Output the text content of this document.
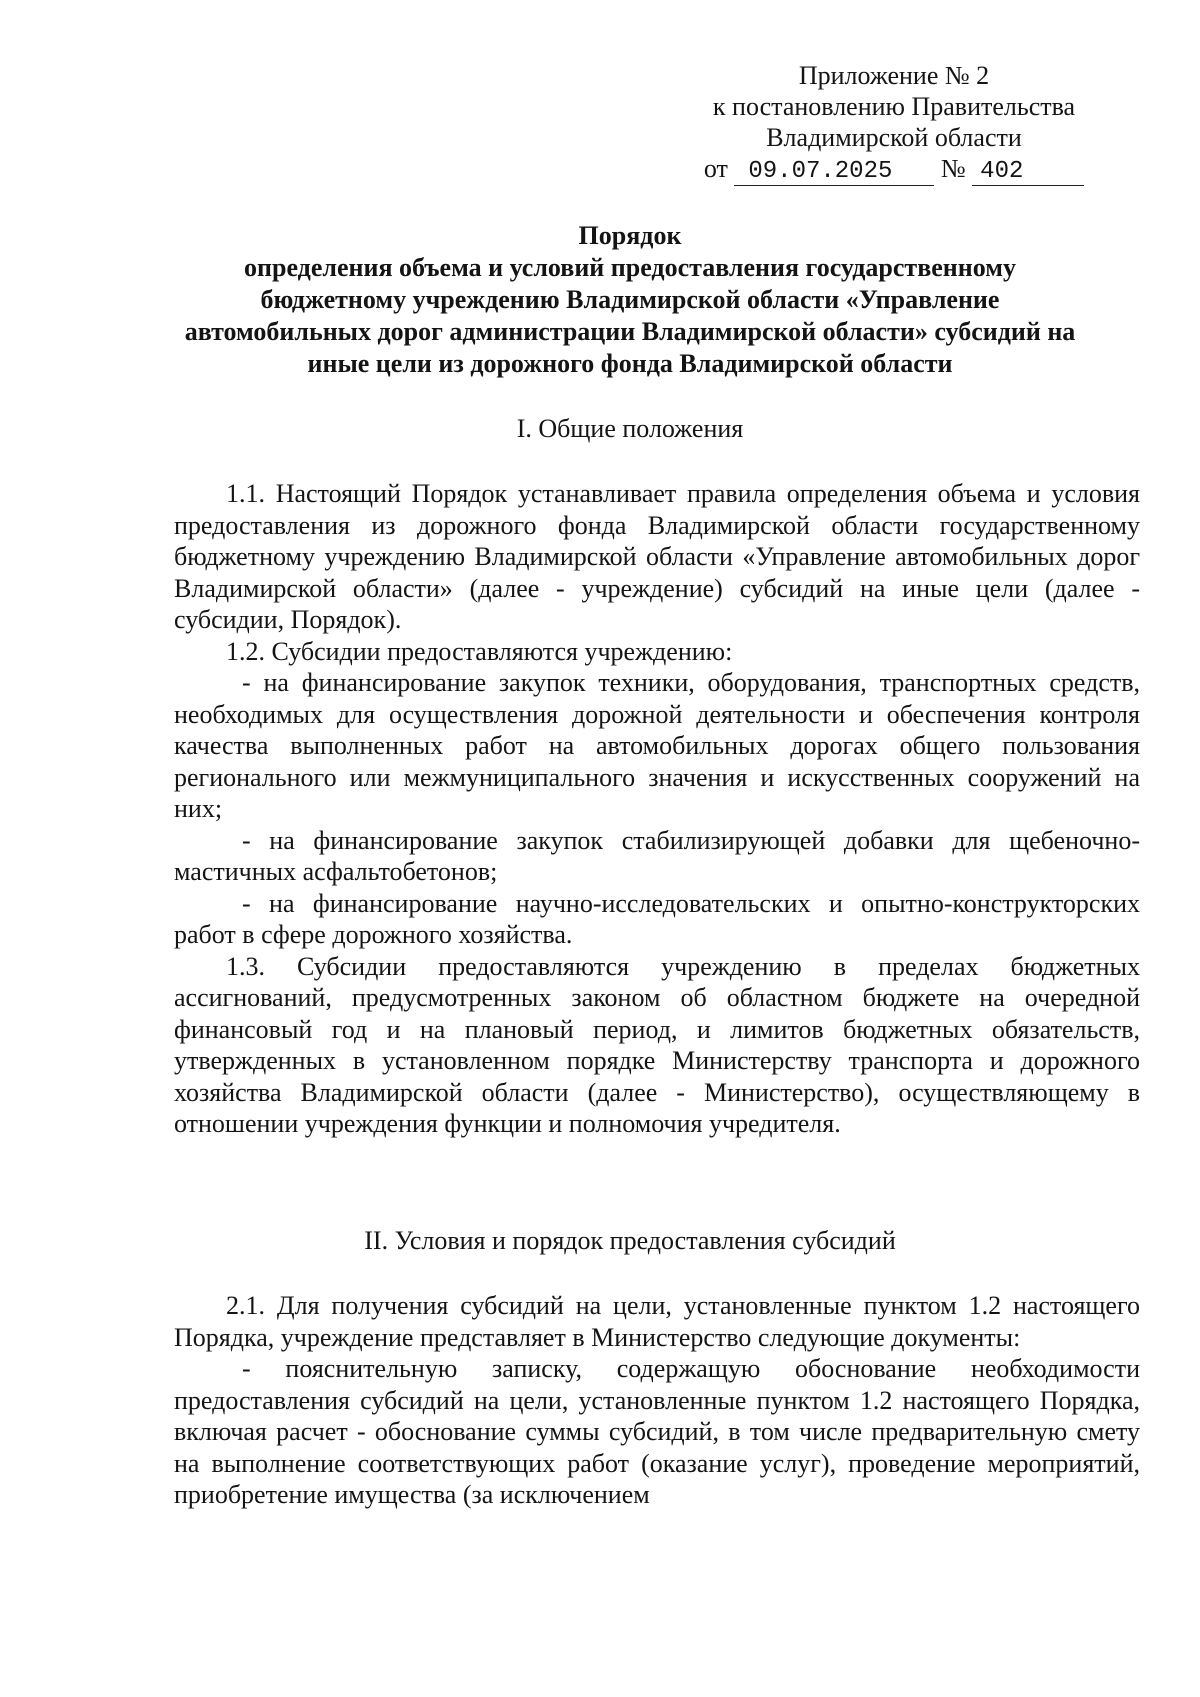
Приложение № 2
к постановлению Правительства
Владимирской области
от 09.07.2025 № 402
Порядок
определения объема и условий предоставления государственному
бюджетному учреждению Владимирской области «Управление
автомобильных дорог администрации Владимирской области» субсидий на
иные цели из дорожного фонда Владимирской области
I. Общие положения

1.1. Настоящий Порядок устанавливает правила определения объема и условия предоставления из дорожного фонда Владимирской области государственному бюджетному учреждению Владимирской области «Управление автомобильных дорог Владимирской области» (далее - учреждение) субсидий на иные цели (далее - субсидии, Порядок).

1.2. Субсидии предоставляются учреждению:

- на финансирование закупок техники, оборудования, транспортных средств, необходимых для осуществления дорожной деятельности и обеспечения контроля качества выполненных работ на автомобильных дорогах общего пользования регионального или межмуниципального значения и искусственных сооружений на них;

- на финансирование закупок стабилизирующей добавки для щебеночно-мастичных асфальтобетонов;

- на финансирование научно-исследовательских и опытно-конструкторских работ в сфере дорожного хозяйства.

1.3. Субсидии предоставляются учреждению в пределах бюджетных ассигнований, предусмотренных законом об областном бюджете на очередной финансовый год и на плановый период, и лимитов бюджетных обязательств, утвержденных в установленном порядке Министерству транспорта и дорожного хозяйства Владимирской области (далее - Министерство), осуществляющему в отношении учреждения функции и полномочия учредителя.

II. Условия и порядок предоставления субсидий

2.1. Для получения субсидий на цели, установленные пунктом 1.2 настоящего Порядка, учреждение представляет в Министерство следующие документы:

- пояснительную записку, содержащую обоснование необходимости предоставления субсидий на цели, установленные пунктом 1.2 настоящего Порядка, включая расчет - обоснование суммы субсидий, в том числе предварительную смету на выполнение соответствующих работ (оказание услуг), проведение мероприятий, приобретение имущества (за исключением
